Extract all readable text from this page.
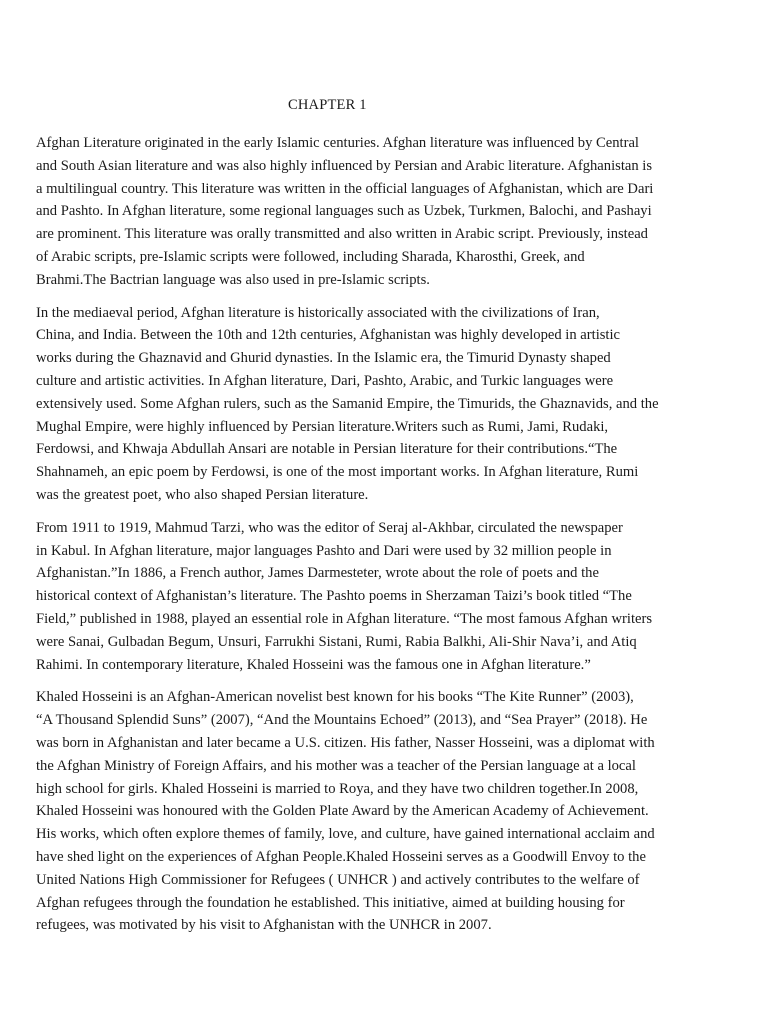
CHAPTER 1

Afghan Literature originated in the early Islamic centuries. Afghan literature was influenced by Central
and South Asian literature and was also highly influenced by Persian and Arabic literature. Afghanistan is
a multilingual country. This literature was written in the official languages of Afghanistan, which are Dari
and Pashto. In Afghan literature, some regional languages such as Uzbek, Turkmen, Balochi, and Pashayi
are prominent. This literature was orally transmitted and also written in Arabic script. Previously, instead
of Arabic scripts, pre-Islamic scripts were followed, including Sharada, Kharosthi, Greek, and
Brahmi.The Bactrian language was also used in pre-Islamic scripts.

In the mediaeval period, Afghan literature is historically associated with the civilizations of Iran,
China, and India. Between the 10th and 12th centuries, Afghanistan was highly developed in artistic
works during the Ghaznavid and Ghurid dynasties. In the Islamic era, the Timurid Dynasty shaped
culture and artistic activities. In Afghan literature, Dari, Pashto, Arabic, and Turkic languages were
extensively used. Some Afghan rulers, such as the Samanid Empire, the Timurids, the Ghaznavids, and the
Mughal Empire, were highly influenced by Persian literature.Writers such as Rumi, Jami, Rudaki,
Ferdowsi, and Khwaja Abdullah Ansari are notable in Persian literature for their contributions.“The
Shahnameh, an epic poem by Ferdowsi, is one of the most important works. In Afghan literature, Rumi
was the greatest poet, who also shaped Persian literature.

From 1911 to 1919, Mahmud Tarzi, who was the editor of Seraj al-Akhbar, circulated the newspaper
in Kabul. In Afghan literature, major languages Pashto and Dari were used by 32 million people in
Afghanistan.”In 1886, a French author, James Darmesteter, wrote about the role of poets and the
historical context of Afghanistan’s literature. The Pashto poems in Sherzaman Taizi’s book titled “The
Field,” published in 1988, played an essential role in Afghan literature. “The most famous Afghan writers
were Sanai, Gulbadan Begum, Unsuri, Farrukhi Sistani, Rumi, Rabia Balkhi, Ali-Shir Nava’i, and Atiq
Rahimi. In contemporary literature, Khaled Hosseini was the famous one in Afghan literature.”

Khaled Hosseini is an Afghan-American novelist best known for his books “The Kite Runner” (2003),
“A Thousand Splendid Suns” (2007), “And the Mountains Echoed” (2013), and “Sea Prayer” (2018). He
was born in Afghanistan and later became a U.S. citizen. His father, Nasser Hosseini, was a diplomat with
the Afghan Ministry of Foreign Affairs, and his mother was a teacher of the Persian language at a local
high school for girls. Khaled Hosseini is married to Roya, and they have two children together.In 2008,
Khaled Hosseini was honoured with the Golden Plate Award by the American Academy of Achievement.
His works, which often explore themes of family, love, and culture, have gained international acclaim and
have shed light on the experiences of Afghan People.Khaled Hosseini serves as a Goodwill Envoy to the
United Nations High Commissioner for Refugees ( UNHCR ) and actively contributes to the welfare of
Afghan refugees through the foundation he established. This initiative, aimed at building housing for
refugees, was motivated by his visit to Afghanistan with the UNHCR in 2007.
